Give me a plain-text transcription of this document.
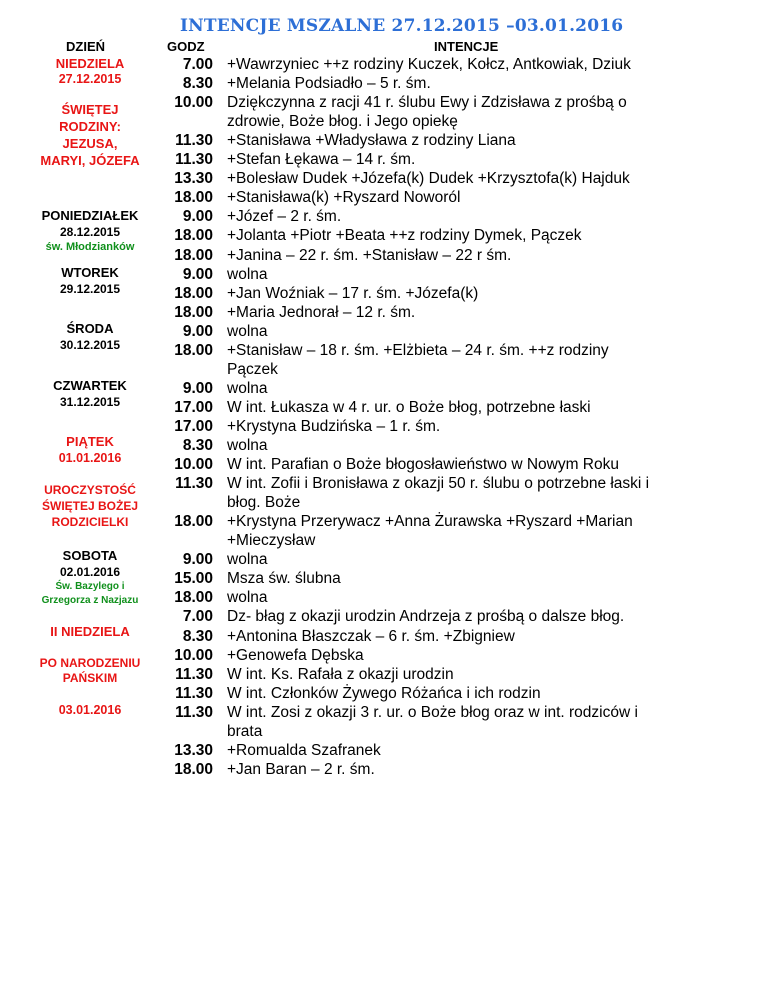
INTENCJE MSZALNE 27.12.2015 –03.01.2016
DZIEŃ	GODZ	INTENCJE
NIEDZIELA
27.12.2015
ŚWIĘTEJ
RODZINY:
JEZUSA,
MARYI, JÓZEFA
PONIEDZIAŁEK
28.12.2015
św. Młodzianków
WTOREK
29.12.2015
ŚRODA
30.12.2015
CZWARTEK
31.12.2015
PIĄTEK
01.01.2016
UROCZYSTOŚĆ
ŚWIĘTEJ BOŻEJ
RODZICIELKI
SOBOTA
02.01.2016
Św. Bazylego i
Grzegorza z Nazjazu
II NIEDZIELA
PO NARODZENIU
PAŃSKIM
03.01.2016
7.00 +Wawrzyniec ++z rodziny Kuczek, Kołcz, Antkowiak, Dziuk
8.30 +Melania Podsiadło – 5 r. śm.
10.00 Dziękczynna z racji 41 r. ślubu Ewy i Zdzisława z prośbą o
zdrowie, Boże błog. i Jego opiekę
11.30 +Stanisława +Władysława z rodziny Liana
11.30 +Stefan Łękawa – 14 r. śm.
13.30 +Bolesław Dudek +Józefa(k) Dudek +Krzysztofa(k) Hajduk
18.00 +Stanisława(k) +Ryszard Noworól
9.00 +Józef – 2 r. śm.
18.00 +Jolanta +Piotr +Beata ++z rodziny Dymek, Pączek
18.00 +Janina – 22 r. śm. +Stanisław – 22 r śm.
9.00 wolna
18.00 +Jan Woźniak – 17 r. śm. +Józefa(k)
18.00 +Maria Jednorał – 12 r. śm.
9.00 wolna
18.00 +Stanisław – 18 r. śm. +Elżbieta – 24 r. śm. ++z rodziny
Pączek
9.00 wolna
17.00 W int. Łukasza w 4 r. ur. o Boże błog, potrzebne łaski
17.00 +Krystyna Budzińska – 1 r. śm.
8.30 wolna
10.00 W int. Parafian o Boże błogosławieństwo w Nowym Roku
11.30 W int. Zofii i Bronisława z okazji 50 r. ślubu o potrzebne łaski i
błog. Boże
18.00 +Krystyna Przerywacz +Anna Żurawska +Ryszard +Marian
+Mieczysław
9.00 wolna
15.00 Msza św. ślubna
18.00 wolna
7.00 Dz- błag z okazji urodzin Andrzeja z prośbą o dalsze błog.
8.30 +Antonina Błaszczak – 6 r. śm. +Zbigniew
10.00 +Genowefa Dębska
11.30 W int. Ks. Rafała z okazji urodzin
11.30 W int. Członków Żywego Różańca i ich rodzin
11.30 W int. Zosi z okazji 3 r. ur. o Boże błog oraz w int. rodziców i
brata
13.30 +Romualda Szafranek
18.00 +Jan Baran – 2 r. śm.
